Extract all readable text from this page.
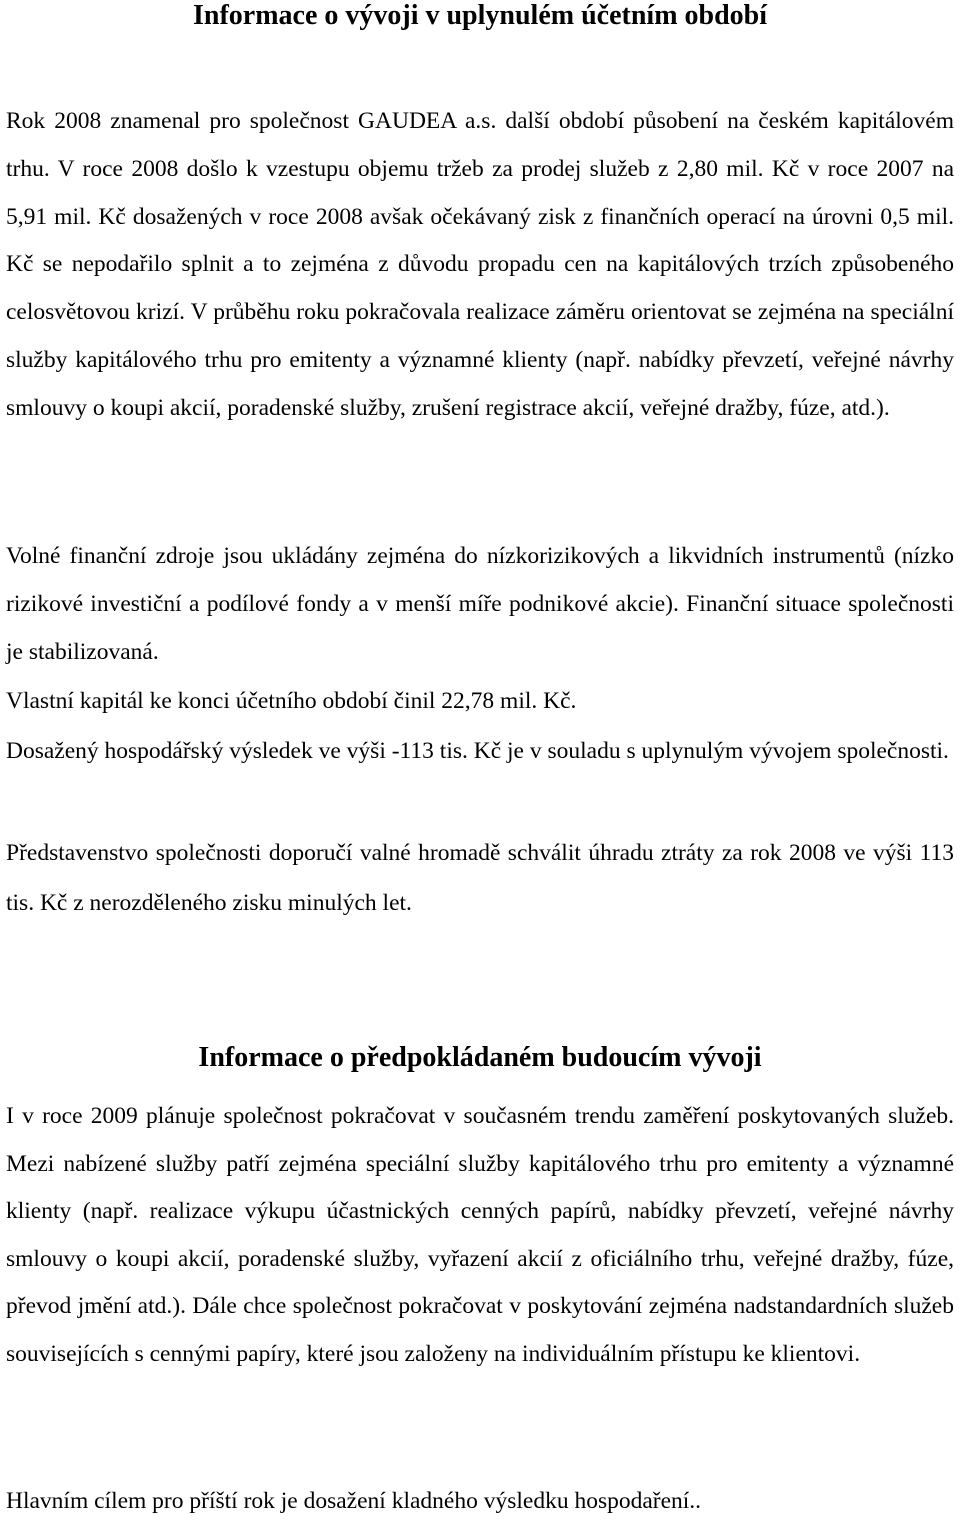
Informace o vývoji v uplynulém účetním období

Rok 2008 znamenal pro společnost GAUDEA a.s. další období působení na českém kapitálovém trhu. V roce 2008 došlo k vzestupu objemu tržeb za prodej služeb z 2,80 mil. Kč v roce 2007 na 5,91 mil. Kč dosažených v roce 2008 avšak očekávaný zisk z finančních operací na úrovni 0,5 mil. Kč se nepodařilo splnit a to zejména z důvodu propadu cen na kapitálových trzích způsobeného celosvětovou krizí. V průběhu roku pokračovala realizace záměru orientovat se zejména na speciální služby kapitálového trhu pro emitenty a významné klienty (např. nabídky převzetí, veřejné návrhy smlouvy o koupi akcií, poradenské služby, zrušení registrace akcií, veřejné dražby, fúze, atd.).

Volné finanční zdroje jsou ukládány zejména do nízkorizikových a likvidních instrumentů (nízko rizikové investiční a podílové fondy a v menší míře podnikové akcie). Finanční situace společnosti je stabilizovaná.

Vlastní kapitál ke konci účetního období činil 22,78 mil. Kč.

Dosažený hospodářský výsledek ve výši -113 tis. Kč je v souladu s uplynulým vývojem společnosti.

Představenstvo společnosti doporučí valné hromadě schválit úhradu ztráty za rok 2008 ve výši 113 tis. Kč z nerozděleného zisku minulých let.

Informace o předpokládaném budoucím vývoji

I v roce 2009 plánuje společnost pokračovat v současném trendu zaměření poskytovaných služeb. Mezi nabízené služby patří zejména speciální služby kapitálového trhu pro emitenty a významné klienty (např. realizace výkupu účastnických cenných papírů, nabídky převzetí, veřejné návrhy smlouvy o koupi akcií, poradenské služby, vyřazení akcií z oficiálního trhu, veřejné dražby, fúze, převod jmění atd.). Dále chce společnost pokračovat v poskytování zejména nadstandardních služeb souvisejících s cennými papíry, které jsou založeny na individuálním přístupu ke klientovi.

Hlavním cílem pro příští rok je dosažení kladného výsledku hospodaření..
